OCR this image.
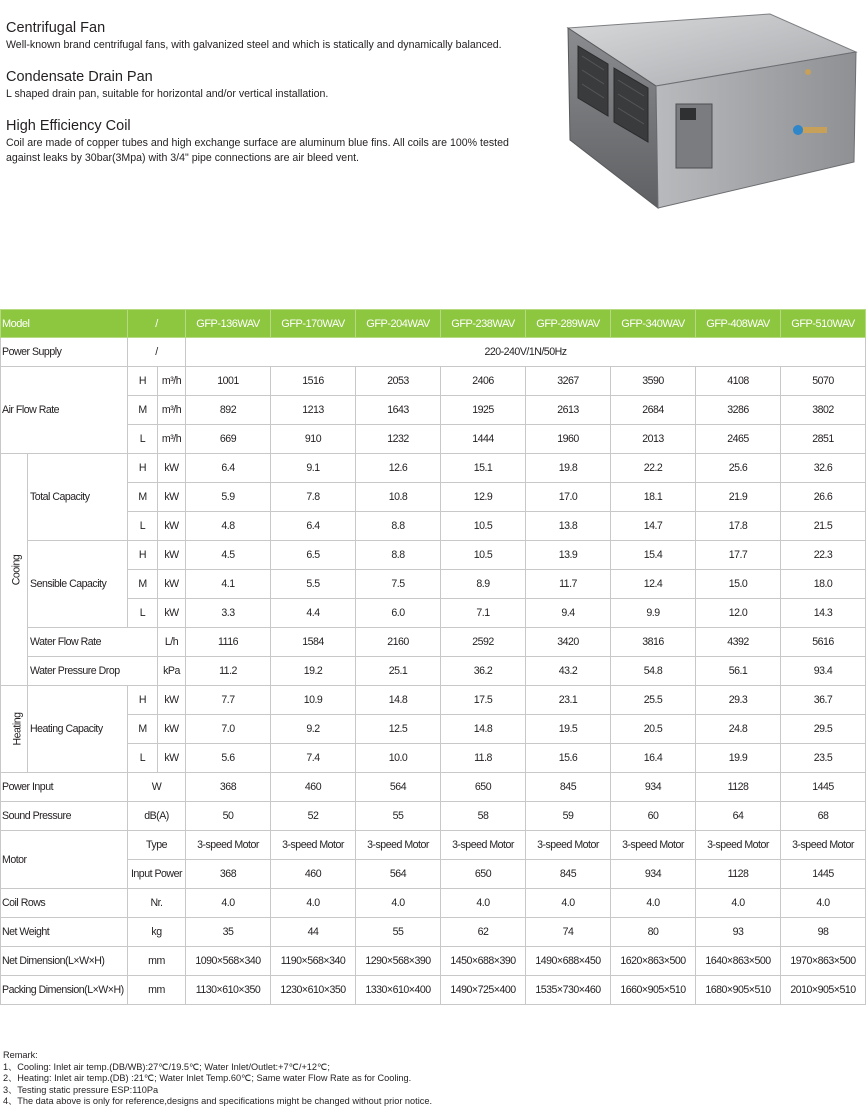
Centrifugal Fan

Well-known brand centrifugal fans, with galvanized steel and which is statically and dynamically balanced.

Condensate Drain Pan

L shaped drain pan, suitable for horizontal and/or vertical installation.

High Efficiency Coil

Coil are made of copper tubes and high exchange surface are aluminum blue fins. All coils are 100% tested against leaks by 30bar(3Mpa) with 3/4" pipe connections are air bleed vent.

Model		/		GFP-136WAV	GFP-170WAV	GFP-204WAV	GFP-238WAV	GFP-289WAV	GFP-340WAV	GFP-408WAV	GFP-510WAV
Power Supply		/		220-240V/1N/50Hz							
Air Flow Rate		H	m³/h	1001	1516	2053	2406	3267	3590	4108	5070
		M	m³/h	892	1213	1643	1925	2613	2684	3286	3802
		L	m³/h	669	910	1232	1444	1960	2013	2465	2851
Cooing	Total Capacity	H	kW	6.4	9.1	12.6	15.1	19.8	22.2	25.6	32.6
		M	kW	5.9	7.8	10.8	12.9	17.0	18.1	21.9	26.6
		L	kW	4.8	6.4	8.8	10.5	13.8	14.7	17.8	21.5
	Sensible Capacity	H	kW	4.5	6.5	8.8	10.5	13.9	15.4	17.7	22.3
		M	kW	4.1	5.5	7.5	8.9	11.7	12.4	15.0	18.0
		L	kW	3.3	4.4	6.0	7.1	9.4	9.9	12.0	14.3
	Water Flow Rate		L/h	1116	1584	2160	2592	3420	3816	4392	5616
	Water Pressure Drop		kPa	11.2	19.2	25.1	36.2	43.2	54.8	56.1	93.4
Heating	Heating Capacity	H	kW	7.7	10.9	14.8	17.5	23.1	25.5	29.3	36.7
		M	kW	7.0	9.2	12.5	14.8	19.5	20.5	24.8	29.5
		L	kW	5.6	7.4	10.0	11.8	15.6	16.4	19.9	23.5
Power Input		W		368	460	564	650	845	934	1128	1445
Sound Pressure		dB(A)		50	52	55	58	59	60	64	68
Motor		Type		3-speed Motor	3-speed Motor	3-speed Motor	3-speed Motor	3-speed Motor	3-speed Motor	3-speed Motor	3-speed Motor
		Input Power		368	460	564	650	845	934	1128	1445
Coil Rows		Nr.		4.0	4.0	4.0	4.0	4.0	4.0	4.0	4.0
Net Weight		kg		35	44	55	62	74	80	93	98
Net Dimension(L×W×H)		mm		1090×568×340	1190×568×340	1290×568×390	1450×688×390	1490×688×450	1620×863×500	1640×863×500	1970×863×500
Packing Dimension(L×W×H)		mm		1130×610×350	1230×610×350	1330×610×400	1490×725×400	1535×730×460	1660×905×510	1680×905×510	2010×905×510
Remark:
1、Cooling: Inlet air temp.(DB/WB):27℃/19.5℃; Water Inlet/Outlet:+7℃/+12℃;
2、Heating: Inlet air temp.(DB) :21℃; Water Inlet Temp.60℃; Same water Flow Rate as for Cooling.
3、Testing static pressure ESP:110Pa
4、The data above is only for reference,designs and specifications might be changed without prior notice.
